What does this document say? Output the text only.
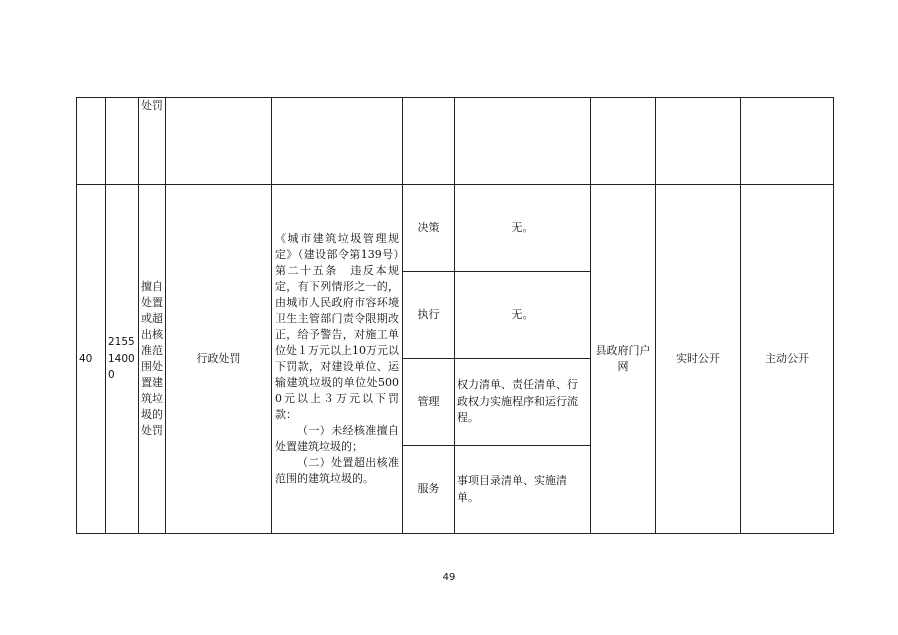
		处罚							
40	215514000	擅自处置或超出核准范围处置建筑垃圾的处罚	行政处罚	《城市建筑垃圾管理规定》（建设部令第139号）第二十五条　违反本规定，有下列情形之一的，由城市人民政府市容环境卫生主管部门责令限期改正，给予警告，对施工单位处１万元以上10万元以下罚款，对建设单位、运输建筑垃圾的单位处5000元以上３万元以下罚款：

（一）未经核准擅自处置建筑垃圾的；

（二）处置超出核准范围的建筑垃圾的。	决策	无。	县政府门户网	实时公开	主动公开
					执行	无。			
					管理	权力清单、责任清单、行政权力实施程序和运行流程。			
					服务	事项目录清单、实施清单。			
49
